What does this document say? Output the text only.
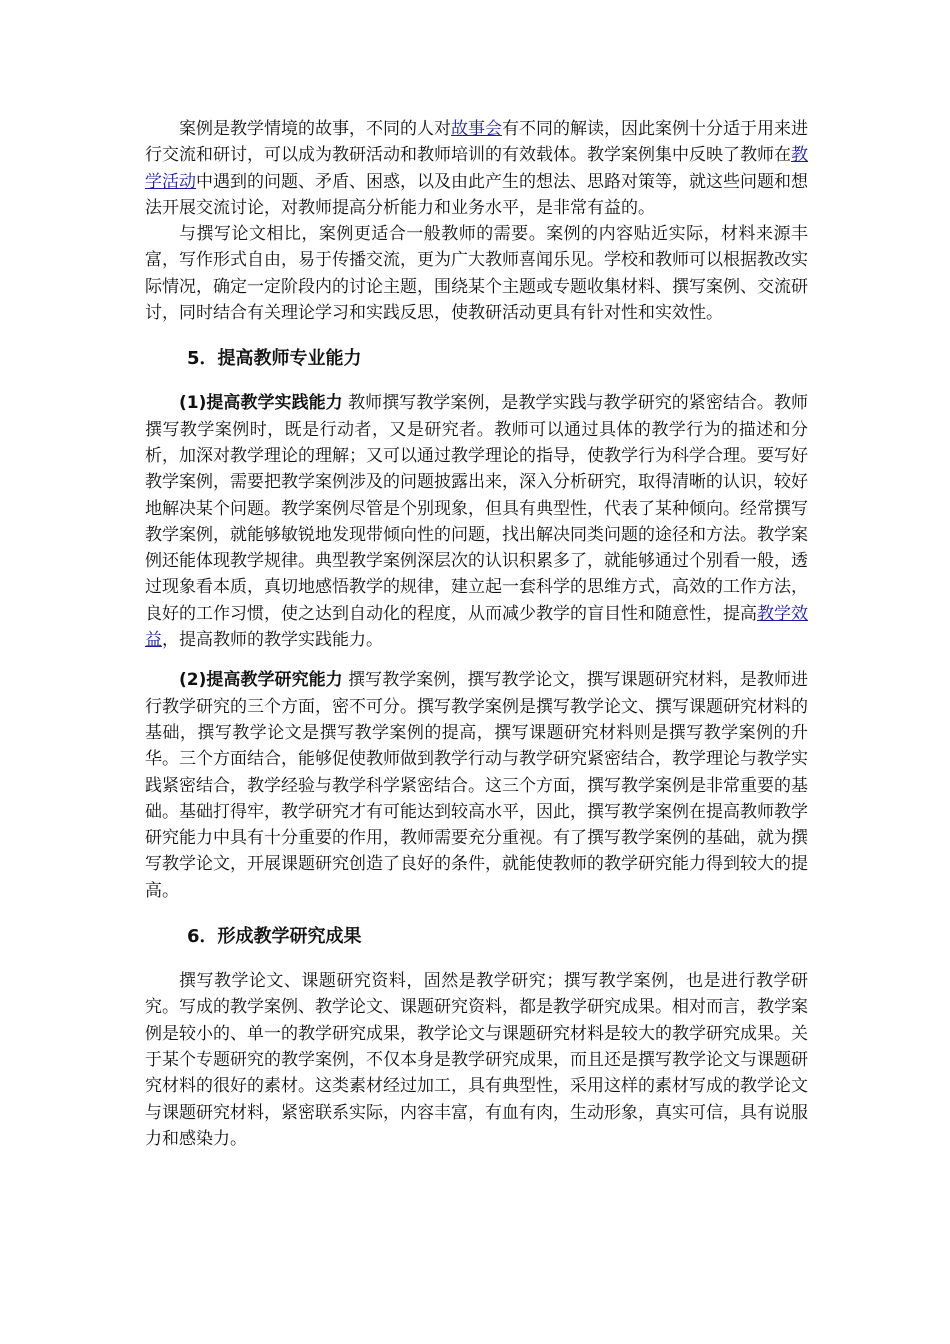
案例是教学情境的故事，不同的人对故事会有不同的解读，因此案例十分适于用来进行交流和研讨，可以成为教研活动和教师培训的有效载体。教学案例集中反映了教师在教学活动中遇到的问题、矛盾、困惑，以及由此产生的想法、思路对策等，就这些问题和想法开展交流讨论，对教师提高分析能力和业务水平，是非常有益的。

与撰写论文相比，案例更适合一般教师的需要。案例的内容贴近实际，材料来源丰富，写作形式自由，易于传播交流，更为广大教师喜闻乐见。学校和教师可以根据教改实际情况，确定一定阶段内的讨论主题，围绕某个主题或专题收集材料、撰写案例、交流研讨，同时结合有关理论学习和实践反思，使教研活动更具有针对性和实效性。

5．提高教师专业能力

(1)提高教学实践能力 教师撰写教学案例，是教学实践与教学研究的紧密结合。教师撰写教学案例时，既是行动者，又是研究者。教师可以通过具体的教学行为的描述和分析，加深对教学理论的理解；又可以通过教学理论的指导，使教学行为科学合理。要写好教学案例，需要把教学案例涉及的问题披露出来，深入分析研究，取得清晰的认识，较好地解决某个问题。教学案例尽管是个别现象，但具有典型性，代表了某种倾向。经常撰写教学案例，就能够敏锐地发现带倾向性的问题，找出解决同类问题的途径和方法。教学案例还能体现教学规律。典型教学案例深层次的认识积累多了，就能够通过个别看一般，透过现象看本质，真切地感悟教学的规律，建立起一套科学的思维方式，高效的工作方法，良好的工作习惯，使之达到自动化的程度，从而减少教学的盲目性和随意性，提高教学效益，提高教师的教学实践能力。

(2)提高教学研究能力 撰写教学案例，撰写教学论文，撰写课题研究材料，是教师进行教学研究的三个方面，密不可分。撰写教学案例是撰写教学论文、撰写课题研究材料的基础，撰写教学论文是撰写教学案例的提高，撰写课题研究材料则是撰写教学案例的升华。三个方面结合，能够促使教师做到教学行动与教学研究紧密结合，教学理论与教学实践紧密结合，教学经验与教学科学紧密结合。这三个方面，撰写教学案例是非常重要的基础。基础打得牢，教学研究才有可能达到较高水平，因此，撰写教学案例在提高教师教学研究能力中具有十分重要的作用，教师需要充分重视。有了撰写教学案例的基础，就为撰写教学论文，开展课题研究创造了良好的条件，就能使教师的教学研究能力得到较大的提高。

6．形成教学研究成果

撰写教学论文、课题研究资料，固然是教学研究；撰写教学案例，也是进行教学研究。写成的教学案例、教学论文、课题研究资料，都是教学研究成果。相对而言，教学案例是较小的、单一的教学研究成果，教学论文与课题研究材料是较大的教学研究成果。关于某个专题研究的教学案例，不仅本身是教学研究成果，而且还是撰写教学论文与课题研究材料的很好的素材。这类素材经过加工，具有典型性，采用这样的素材写成的教学论文与课题研究材料，紧密联系实际，内容丰富，有血有肉，生动形象，真实可信，具有说服力和感染力。
